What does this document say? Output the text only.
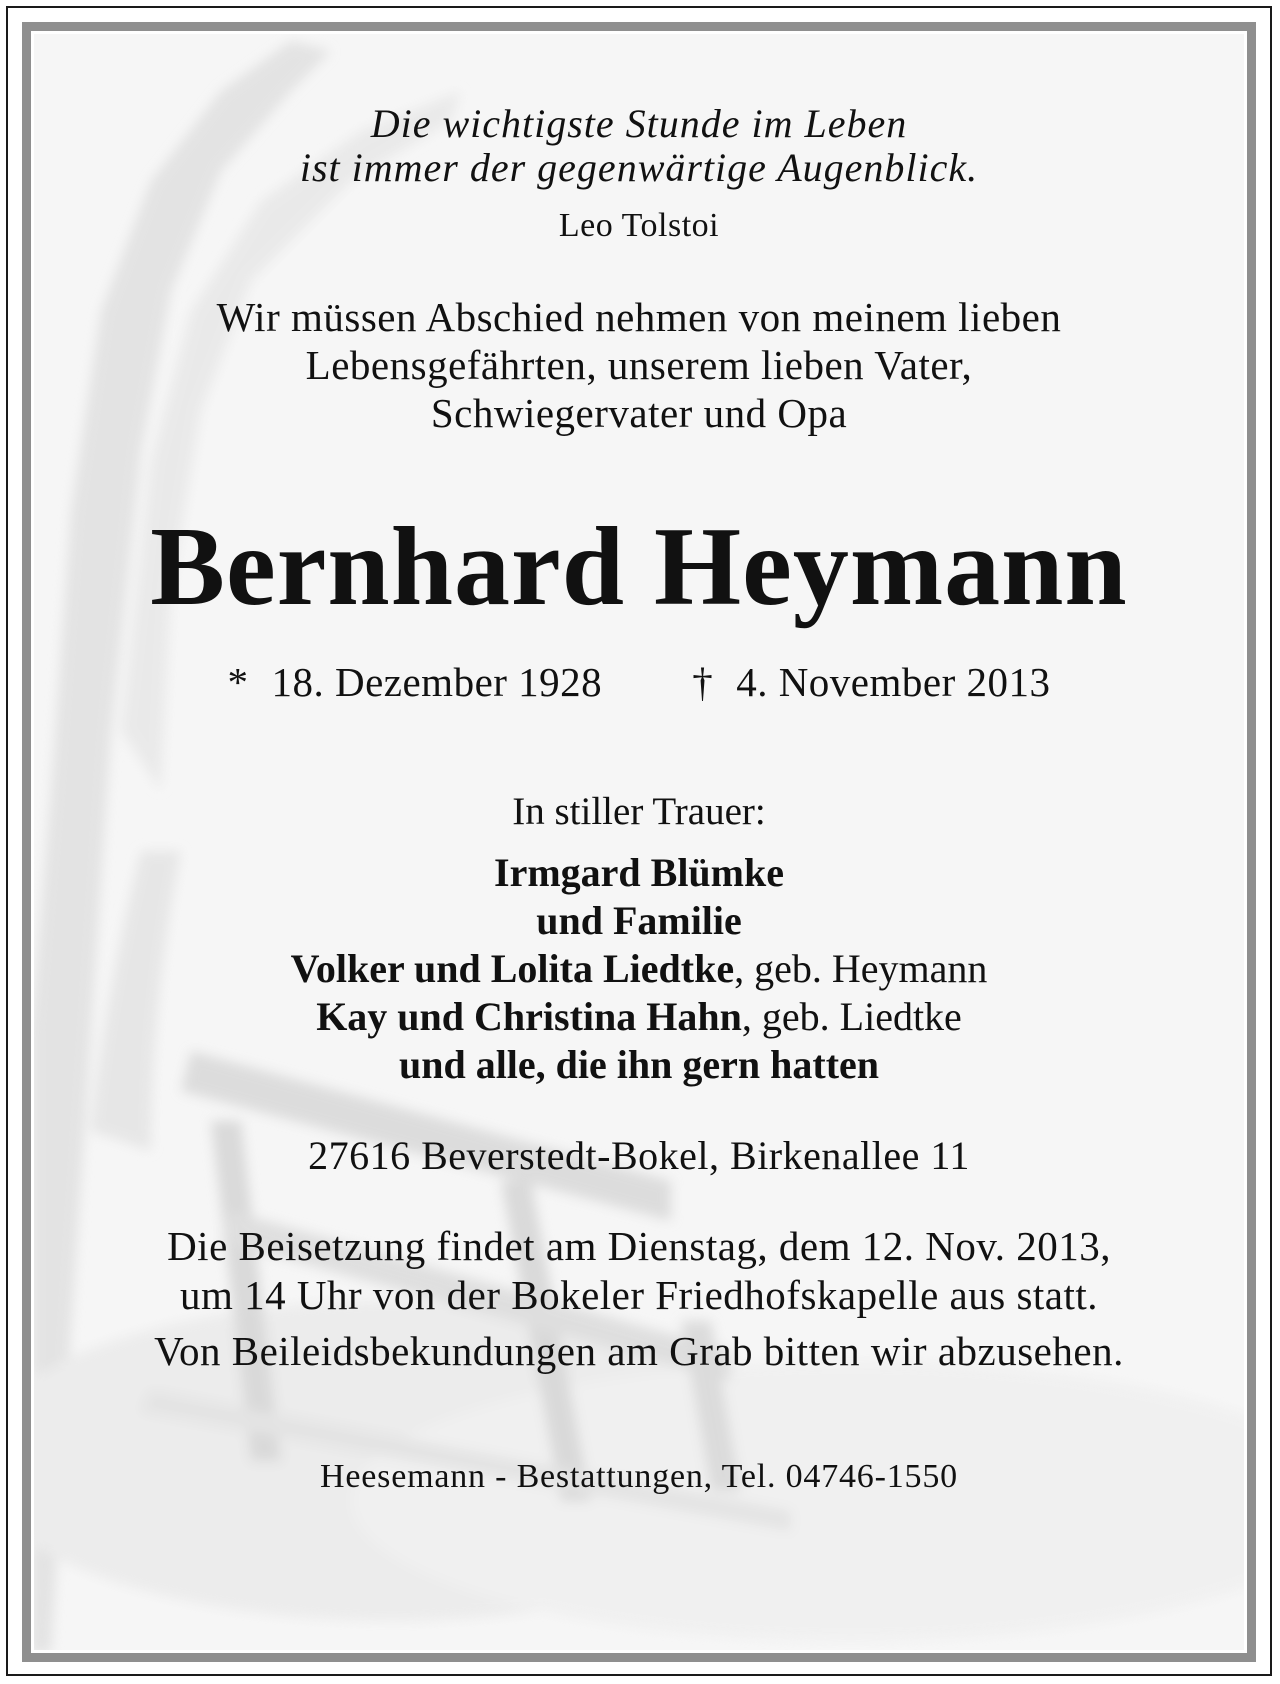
Die wichtigste Stunde im Leben
ist immer der gegenwärtige Augenblick.
Leo Tolstoi
Wir müssen Abschied nehmen von meinem lieben
Lebensgefährten, unserem lieben Vater,
Schwiegervater und Opa
Bernhard Heymann
* 18. Dezember 1928 † 4. November 2013
In stiller Trauer:
Irmgard Blümke
und Familie
Volker und Lolita Liedtke, geb. Heymann
Kay und Christina Hahn, geb. Liedtke
und alle, die ihn gern hatten
27616 Beverstedt-Bokel, Birkenallee 11
Die Beisetzung findet am Dienstag, dem 12. Nov. 2013,
um 14 Uhr von der Bokeler Friedhofskapelle aus statt.
Von Beileidsbekundungen am Grab bitten wir abzusehen.
Heesemann - Bestattungen, Tel. 04746-1550
